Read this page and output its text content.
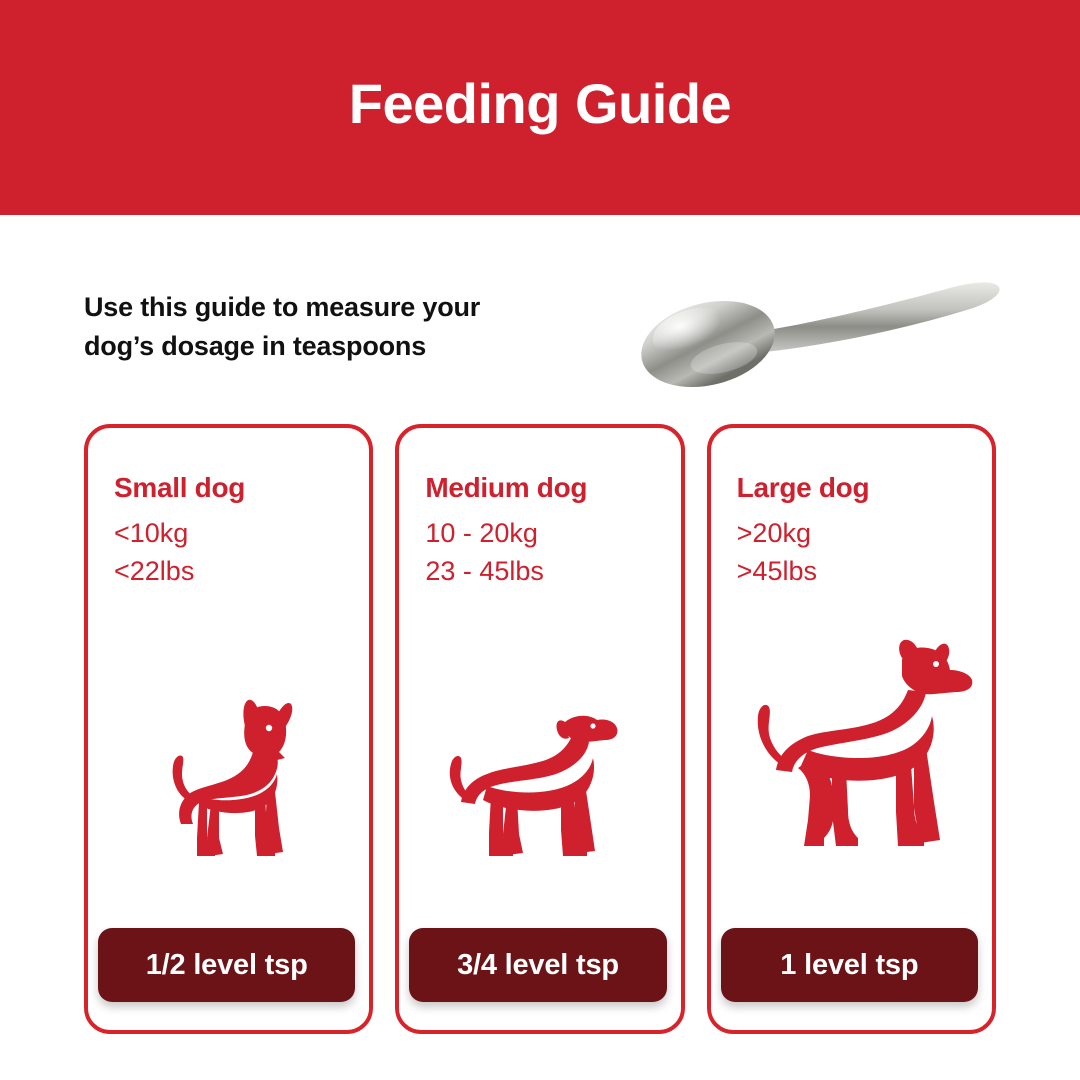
Feeding Guide
Use this guide to measure your
dog’s dosage in teaspoons
Small dog
<10kg
<22lbs
1/2 level tsp
Medium dog
10 - 20kg
23 - 45lbs
3/4 level tsp
Large dog
>20kg
>45lbs
1 level tsp
